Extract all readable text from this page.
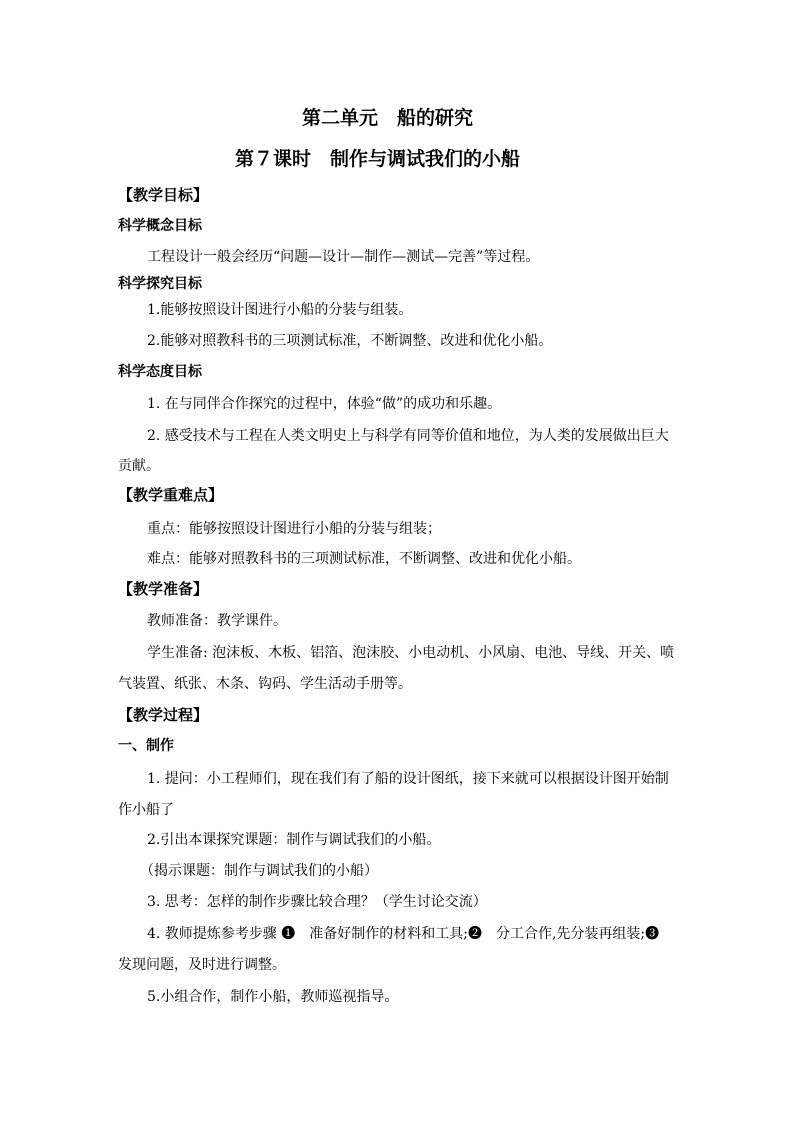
第二单元　船的研究
第７课时　制作与调试我们的小船
【教学目标】
科学概念目标
工程设计一般会经历“问题—设计—制作—测试—完善”等过程。
科学探究目标
1.能够按照设计图进行小船的分装与组装。
2.能够对照教科书的三项测试标准，不断调整、改进和优化小船。
科学态度目标
1. 在与同伴合作探究的过程中，体验“做”的成功和乐趣。
2. 感受技术与工程在人类文明史上与科学有同等价值和地位，为人类的发展做出巨大
贡献。
【教学重难点】
重点：能够按照设计图进行小船的分装与组装；
难点：能够对照教科书的三项测试标准，不断调整、改进和优化小船。
【教学准备】
教师准备：教学课件。
学生准备: 泡沫板、木板、铝箔、泡沫胶、小电动机、小风扇、电池、导线、开关、喷
气装置、纸张、木条、钩码、学生活动手册等。
【教学过程】
一、制作
1. 提问：小工程师们，现在我们有了船的设计图纸，接下来就可以根据设计图开始制
作小船了
2.引出本课探究课题：制作与调试我们的小船。
（揭示课题：制作与调试我们的小船）
3. 思考：怎样的制作步骤比较合理？（学生讨论交流）
4. 教师提炼参考步骤 ❶　准备好制作的材料和工具;❷　分工合作,先分装再组装;❸
发现问题，及时进行调整。
5.小组合作，制作小船，教师巡视指导。
